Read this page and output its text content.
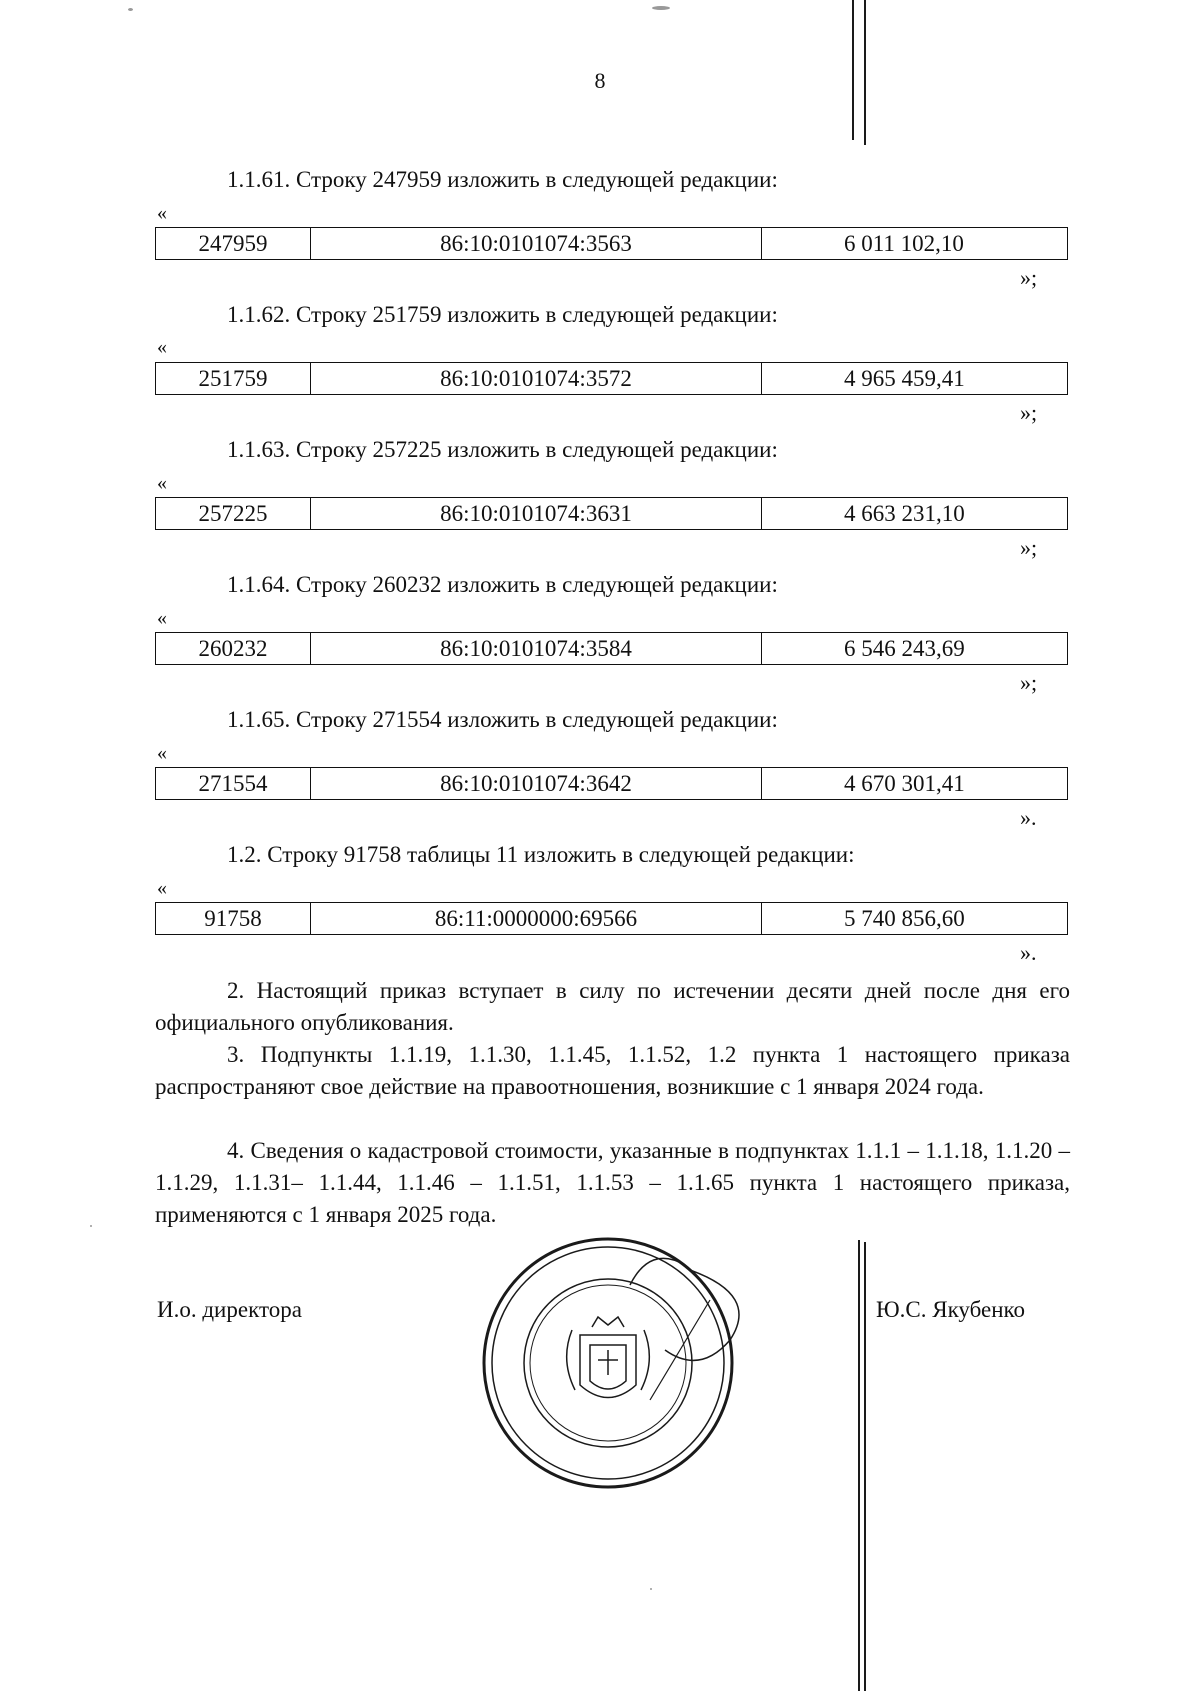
8
1.1.61. Строку 247959 изложить в следующей редакции:
«
247959	86:10:0101074:3563	6 011 102,10
»;
1.1.62. Строку 251759 изложить в следующей редакции:
«
251759	86:10:0101074:3572	4 965 459,41
»;
1.1.63. Строку 257225 изложить в следующей редакции:
«
257225	86:10:0101074:3631	4 663 231,10
»;
1.1.64. Строку 260232 изложить в следующей редакции:
«
260232	86:10:0101074:3584	6 546 243,69
»;
1.1.65. Строку 271554 изложить в следующей редакции:
«
271554	86:10:0101074:3642	4 670 301,41
».
1.2. Строку 91758 таблицы 11 изложить в следующей редакции:
«
91758	86:11:0000000:69566	5 740 856,60
».

2. Настоящий приказ вступает в силу по истечении десяти дней после дня его официального опубликования.

3. Подпункты 1.1.19, 1.1.30, 1.1.45, 1.1.52, 1.2 пункта 1 настоящего приказа распространяют свое действие на правоотношения, возникшие с 1 января 2024 года.

4. Сведения о кадастровой стоимости, указанные в подпунктах 1.1.1 – 1.1.18, 1.1.20 – 1.1.29, 1.1.31– 1.1.44, 1.1.46 – 1.1.51, 1.1.53 – 1.1.65 пункта 1 настоящего приказа, применяются с 1 января 2025 года.

И.о. директора	Ю.С. Якубенко
